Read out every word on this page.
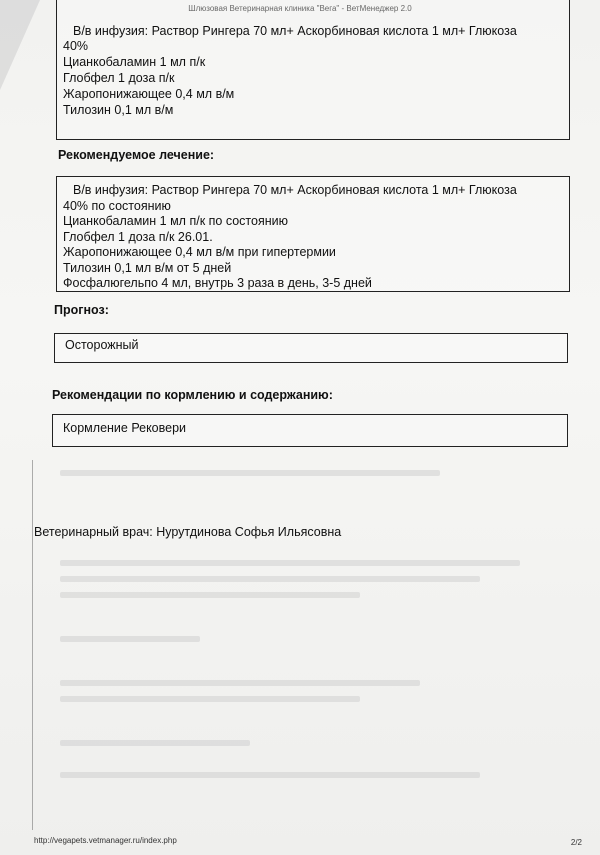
Шлюзовая Ветеринарная клиника "Вега" - ВетМенеджер 2.0
В/в инфузия: Раствор Рингера 70 мл+ Аскорбиновая кислота 1 мл+ Глюкоза
40%
Цианкобаламин 1 мл п/к
Глобфел 1 доза п/к
Жаропонижающее 0,4 мл в/м
Тилозин 0,1 мл в/м
Рекомендуемое лечение:
В/в инфузия: Раствор Рингера 70 мл+ Аскорбиновая кислота 1 мл+ Глюкоза
40% по состоянию
Цианкобаламин 1 мл п/к по состоянию
Глобфел 1 доза п/к 26.01.
Жаропонижающее 0,4 мл в/м при гипертермии
Тилозин 0,1 мл в/м от 5 дней
Фосфалюгельпо 4 мл, внутрь 3 раза в день, 3-5 дней
Прогноз:
Осторожный
Рекомендации по кормлению и содержанию:
Кормление Рековери
Ветеринарный врач: Нурутдинова Софья Ильясовна
http://vegapets.vetmanager.ru/index.php	2/2
